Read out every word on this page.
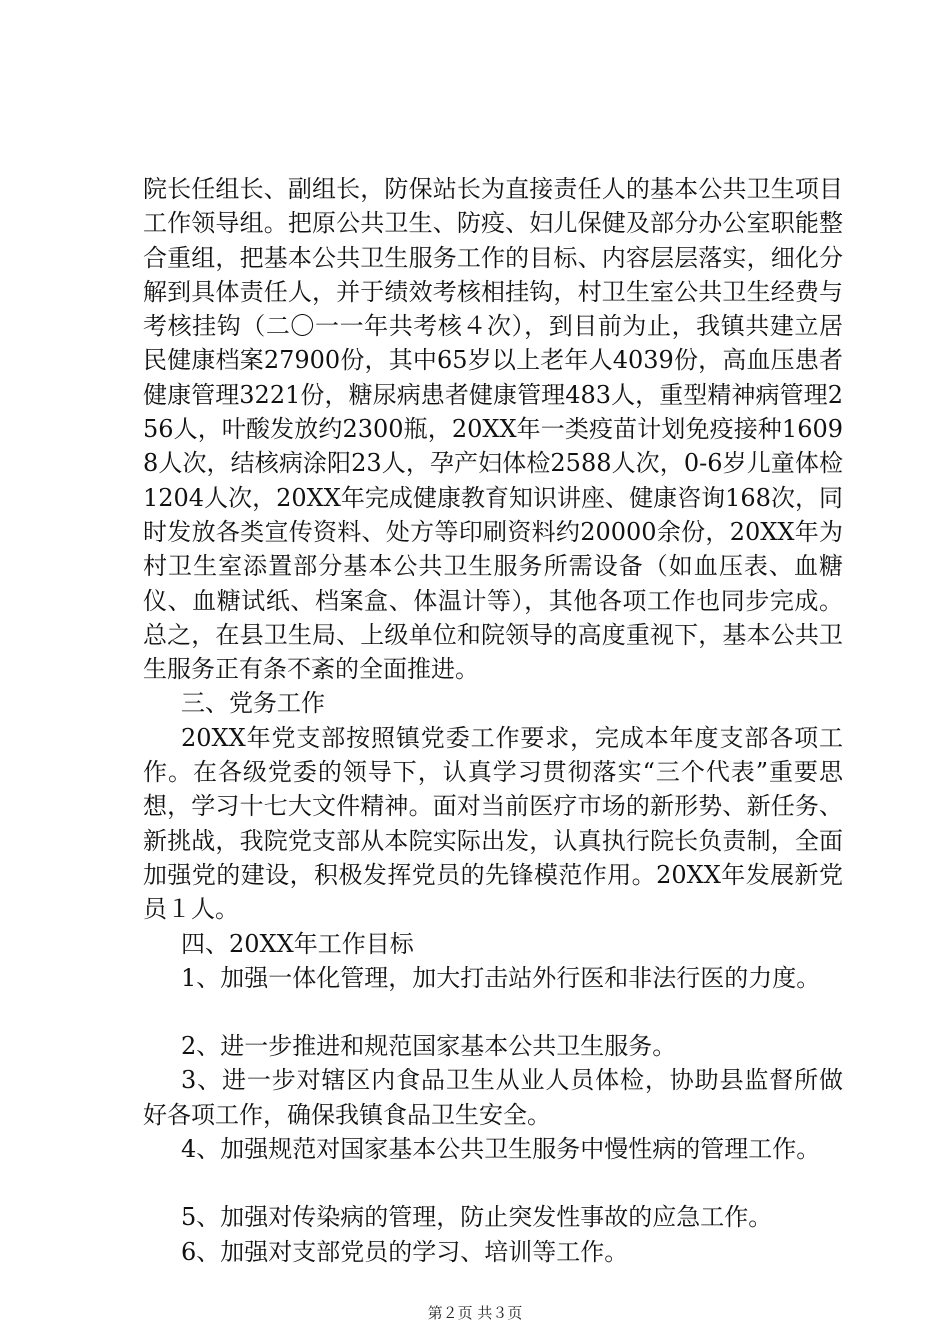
院长任组长、副组长，防保站长为直接责任人的基本公共卫生项目工作领导组。把原公共卫生、防疫、妇儿保健及部分办公室职能整合重组，把基本公共卫生服务工作的目标、内容层层落实，细化分解到具体责任人，并于绩效考核相挂钩，村卫生室公共卫生经费与考核挂钩（二〇一一年共考核４次），到目前为止，我镇共建立居民健康档案27900份，其中65岁以上老年人4039份，高血压患者健康管理3221份，糖尿病患者健康管理483人，重型精神病管理256人，叶酸发放约2300瓶，20XX年一类疫苗计划免疫接种16098人次，结核病涂阳23人，孕产妇体检2588人次，0-6岁儿童体检1204人次，20XX年完成健康教育知识讲座、健康咨询168次，同时发放各类宣传资料、处方等印刷资料约20000余份，20XX年为村卫生室添置部分基本公共卫生服务所需设备（如血压表、血糖仪、血糖试纸、档案盒、体温计等），其他各项工作也同步完成。总之，在县卫生局、上级单位和院领导的高度重视下，基本公共卫生服务正有条不紊的全面推进。

三、党务工作

20XX年党支部按照镇党委工作要求，完成本年度支部各项工作。在各级党委的领导下，认真学习贯彻落实“三个代表”重要思想，学习十七大文件精神。面对当前医疗市场的新形势、新任务、新挑战，我院党支部从本院实际出发，认真执行院长负责制，全面加强党的建设，积极发挥党员的先锋模范作用。20XX年发展新党员１人。

四、20XX年工作目标

1、加强一体化管理，加大打击站外行医和非法行医的力度。

2、进一步推进和规范国家基本公共卫生服务。

3、进一步对辖区内食品卫生从业人员体检，协助县监督所做好各项工作，确保我镇食品卫生安全。

4、加强规范对国家基本公共卫生服务中慢性病的管理工作。

5、加强对传染病的管理，防止突发性事故的应急工作。

6、加强对支部党员的学习、培训等工作。

第２页 共３页
